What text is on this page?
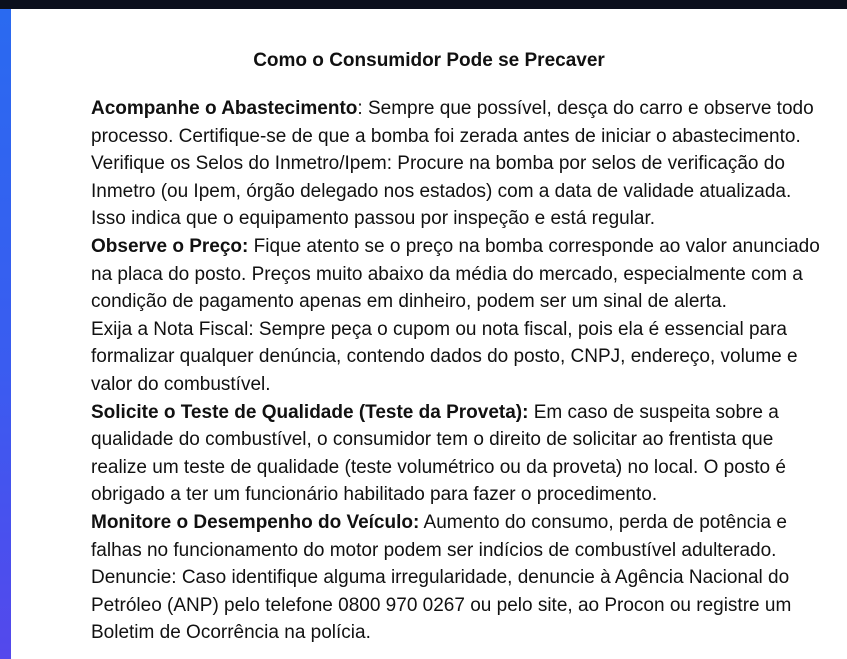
Como o Consumidor Pode se Precaver

Acompanhe o Abastecimento: Sempre que possível, desça do carro e observe todo
processo. Certifique-se de que a bomba foi zerada antes de iniciar o abastecimento.

Verifique os Selos do Inmetro/Ipem: Procure na bomba por selos de verificação do
Inmetro (ou Ipem, órgão delegado nos estados) com a data de validade atualizada.
Isso indica que o equipamento passou por inspeção e está regular.

Observe o Preço: Fique atento se o preço na bomba corresponde ao valor anunciado
na placa do posto. Preços muito abaixo da média do mercado, especialmente com a
condição de pagamento apenas em dinheiro, podem ser um sinal de alerta.

Exija a Nota Fiscal: Sempre peça o cupom ou nota fiscal, pois ela é essencial para
formalizar qualquer denúncia, contendo dados do posto, CNPJ, endereço, volume e
valor do combustível.

Solicite o Teste de Qualidade (Teste da Proveta): Em caso de suspeita sobre a
qualidade do combustível, o consumidor tem o direito de solicitar ao frentista que
realize um teste de qualidade (teste volumétrico ou da proveta) no local. O posto é
obrigado a ter um funcionário habilitado para fazer o procedimento.

Monitore o Desempenho do Veículo: Aumento do consumo, perda de potência e
falhas no funcionamento do motor podem ser indícios de combustível adulterado.

Denuncie: Caso identifique alguma irregularidade, denuncie à Agência Nacional do
Petróleo (ANP) pelo telefone 0800 970 0267 ou pelo site, ao Procon ou registre um
Boletim de Ocorrência na polícia.
